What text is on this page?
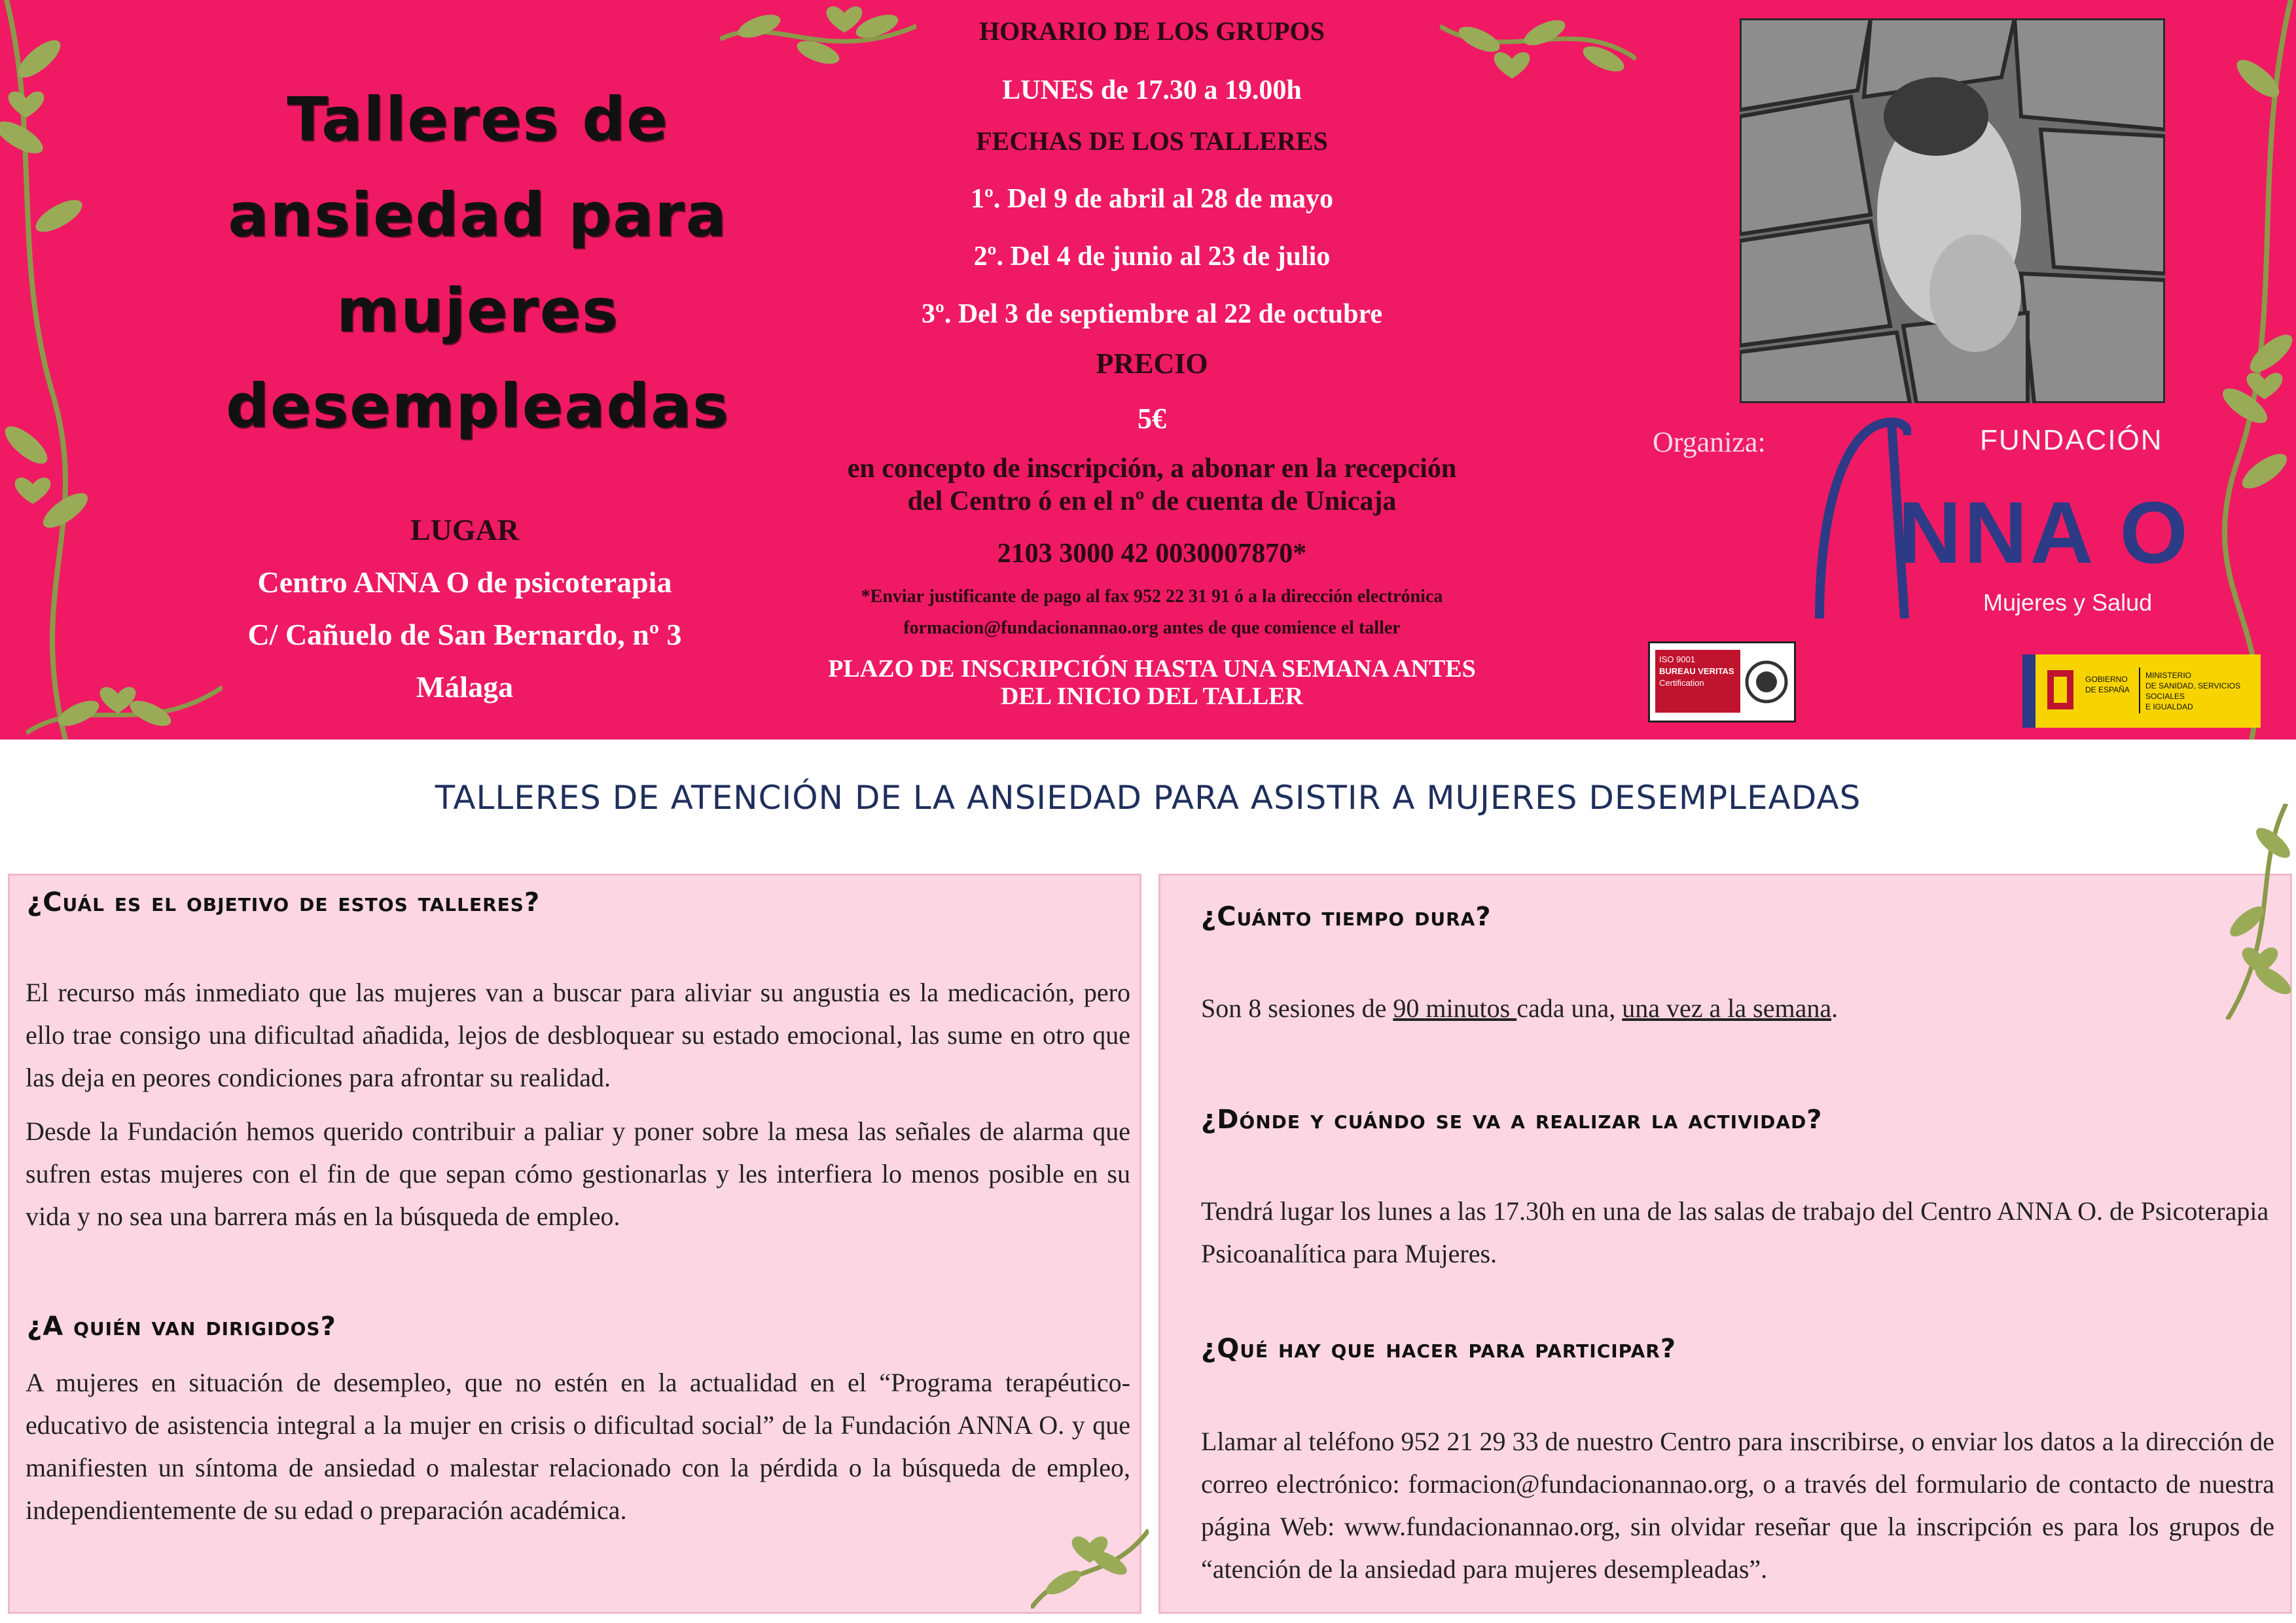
Talleres de
ansiedad para
mujeres
desempleadas
LUGAR
Centro ANNA O de psicoterapia
C/ Cañuelo de San Bernardo, nº 3
Málaga
HORARIO DE LOS GRUPOS
LUNES de 17.30 a 19.00h
FECHAS DE LOS TALLERES
1º. Del 9 de abril al 28 de mayo
2º. Del 4 de junio al 23 de julio
3º. Del 3 de septiembre al 22 de octubre
PRECIO
5€
en concepto de inscripción, a abonar en la recepción
del Centro ó en el nº de cuenta de Unicaja
2103 3000 42 0030007870*
*Enviar justificante de pago al fax 952 22 31 91 ó a la dirección electrónica
formacion@fundacionannao.org antes de que comience el taller
PLAZO DE INSCRIPCIÓN HASTA UNA SEMANA ANTES
DEL INICIO DEL TALLER
Organiza:	FUNDACIÓN
NNA O
Mujeres y Salud
ISO 9001
BUREAU VERITAS
Certification	GOBIERNO
DE ESPAÑA
MINISTERIO
DE SANIDAD, SERVICIOS SOCIALES
E IGUALDAD
TALLERES DE ATENCIÓN DE LA ANSIEDAD PARA ASISTIR A MUJERES DESEMPLEADAS
¿Cuál es el objetivo de estos talleres?
El recurso más inmediato que las mujeres van a buscar para aliviar su angustia es la medicación, pero ello trae consigo una dificultad añadida, lejos de desbloquear su estado emocional, las sume en otro que las deja en peores condiciones para afrontar su realidad.
Desde la Fundación hemos querido contribuir a paliar y poner sobre la mesa las señales de alarma que sufren estas mujeres con el fin de que sepan cómo gestionarlas y les interfiera lo menos posible en su vida y no sea una barrera más en la búsqueda de empleo.
¿A quién van dirigidos?
A mujeres en situación de desempleo, que no estén en la actualidad en el “Programa terapéutico-educativo de asistencia integral a la mujer en crisis o dificultad social” de la Fundación ANNA O. y que manifiesten un síntoma de ansiedad o malestar relacionado con la pérdida o la búsqueda de empleo, independientemente de su edad o preparación académica.
¿Cuánto tiempo dura?
Son 8 sesiones de 90 minutos cada una, una vez a la semana.
¿Dónde y cuándo se va a realizar la actividad?
Tendrá lugar los lunes a las 17.30h en una de las salas de trabajo del Centro ANNA O. de Psicoterapia Psicoanalítica para Mujeres.
¿Qué hay que hacer para participar?
Llamar al teléfono 952 21 29 33 de nuestro Centro para inscribirse, o enviar los datos a la dirección de correo electrónico: formacion@fundacionannao.org, o a través del formulario de contacto de nuestra página Web: www.fundacionannao.org, sin olvidar reseñar que la inscripción es para los grupos de “atención de la ansiedad para mujeres desempleadas”.
